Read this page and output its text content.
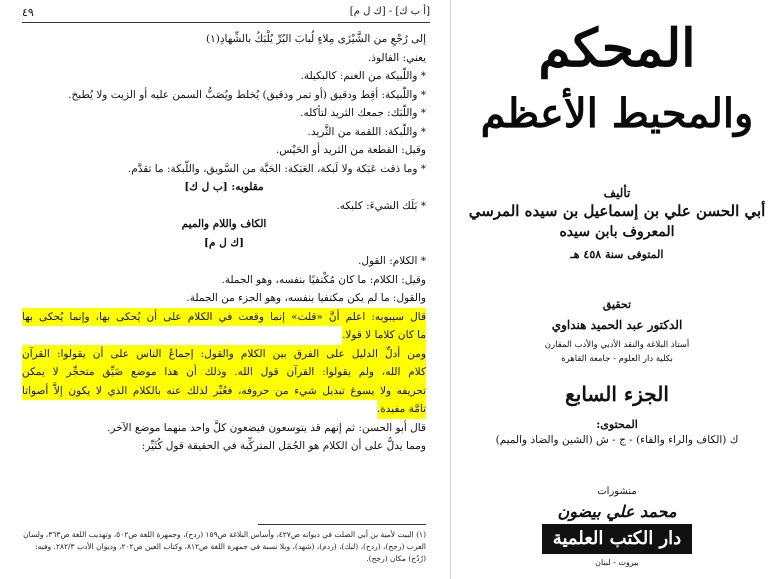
٤٩	[أ ب ك] - [ك ل م]
إلى رُجْعِ من الشَّيْزَى مِلاءٍ لُبابَ البُرِّ يُلْبَكُ بالشِّهادِ(١)
يعني: الفالوذ.
* واللَّبيكة من الغنم: كالبكيلة.
* واللَّبيكة: أقِط ودقيق (أو تمر ودقيق) يُخلط ويُصَبُّ السمن عليه أو الزيت ولا يُطبخ.
* واللَّبَك: جمعك الثريد لتأكله.
* واللُّبكة: اللقمة من الثَّريد.
وقيل: القطعة من الثريد أو الحَيْس.
* وما ذقت عَبَكة ولا لَبكة، العَبَكة: الحَبَّة من السَّويق، واللَّبكة: ما تقدَّم.
مقلوبه: [ب ل ك]
* بَلَك الشيءَ: كلبكه.
الكاف واللام والميم
[ك ل م]
* الكلام: القول.
وقيل: الكلام: ما كان مُكْتفيًا بنفسه، وهو الجملة.
والقول: ما لم يكن مكتفيا بنفسه، وهو الجزء من الجملة.
قال سيبويه: اعلم أنَّ «قلت» إنما وقعت في الكلام على أن يُحكى بها، وإنما يُحكى بها
ما كان كلاما لا قولا.
ومن أدلِّ الدليل على الفرق بين الكلام والقول: إجماعُ الناس على أن يقولوا: القرآن
كلام الله، ولم يقولوا: القرآن قول الله. وذلك أن هذا موضع ضَيِّق متحجِّر لا يمكن
تحريفه ولا يسوغ تبديل شيء من حروفه، فعُبِّر لذلك عنه بالكلام الذي لا يكون إلاَّ أصواتا
تامَّة مفيدة.
قال أبو الحسن: ثم إنهم قد يتوسعون فيضعون كلَّ واحد منهما موضع الآخر.
ومما يدلُّ على أن الكلام هو الجُمَل المتركِّبة في الحقيقة قول كُثَيِّر:
(١) البيت لأمية بن أبي الصلت في ديوانه ص٤٢٧، وأساس البلاغة ص١٥٩ (ردح)، وجمهرة اللغة ص٥٠٢، وتهذيب اللغة ص٣٦٣، ولسان العرب (رجح)، (ردح)، (لبك)، (ردم)، (شهد)، وبلا نسبة في جمهرة اللغة ص٨١٢، وكتاب العين ص٢٠٢، وديوان الأدب ٢٨٢/٣. وفيه: (رُدُح) مكان (رجح).
المحكم
والمحيط الأعظم
تأليف
أبي الحسن علي بن إسماعيل بن سيده المرسي
المعروف بابن سيده
المتوفى سنة ٤٥٨ هـ
تحقيق
الدكتور عبد الحميد هنداوي
أستاذ البلاغة والنقد الأدبي والأدب المقارن
بكلية دار العلوم - جامعة القاهرة
الجزء السابع
المحتوى:
ك (الكاف والراء والفاء) - ج - ش (الشين والضاد والميم)
منشورات
محمد علي بيضون
دار الكتب العلمية
بيروت - لبنان
